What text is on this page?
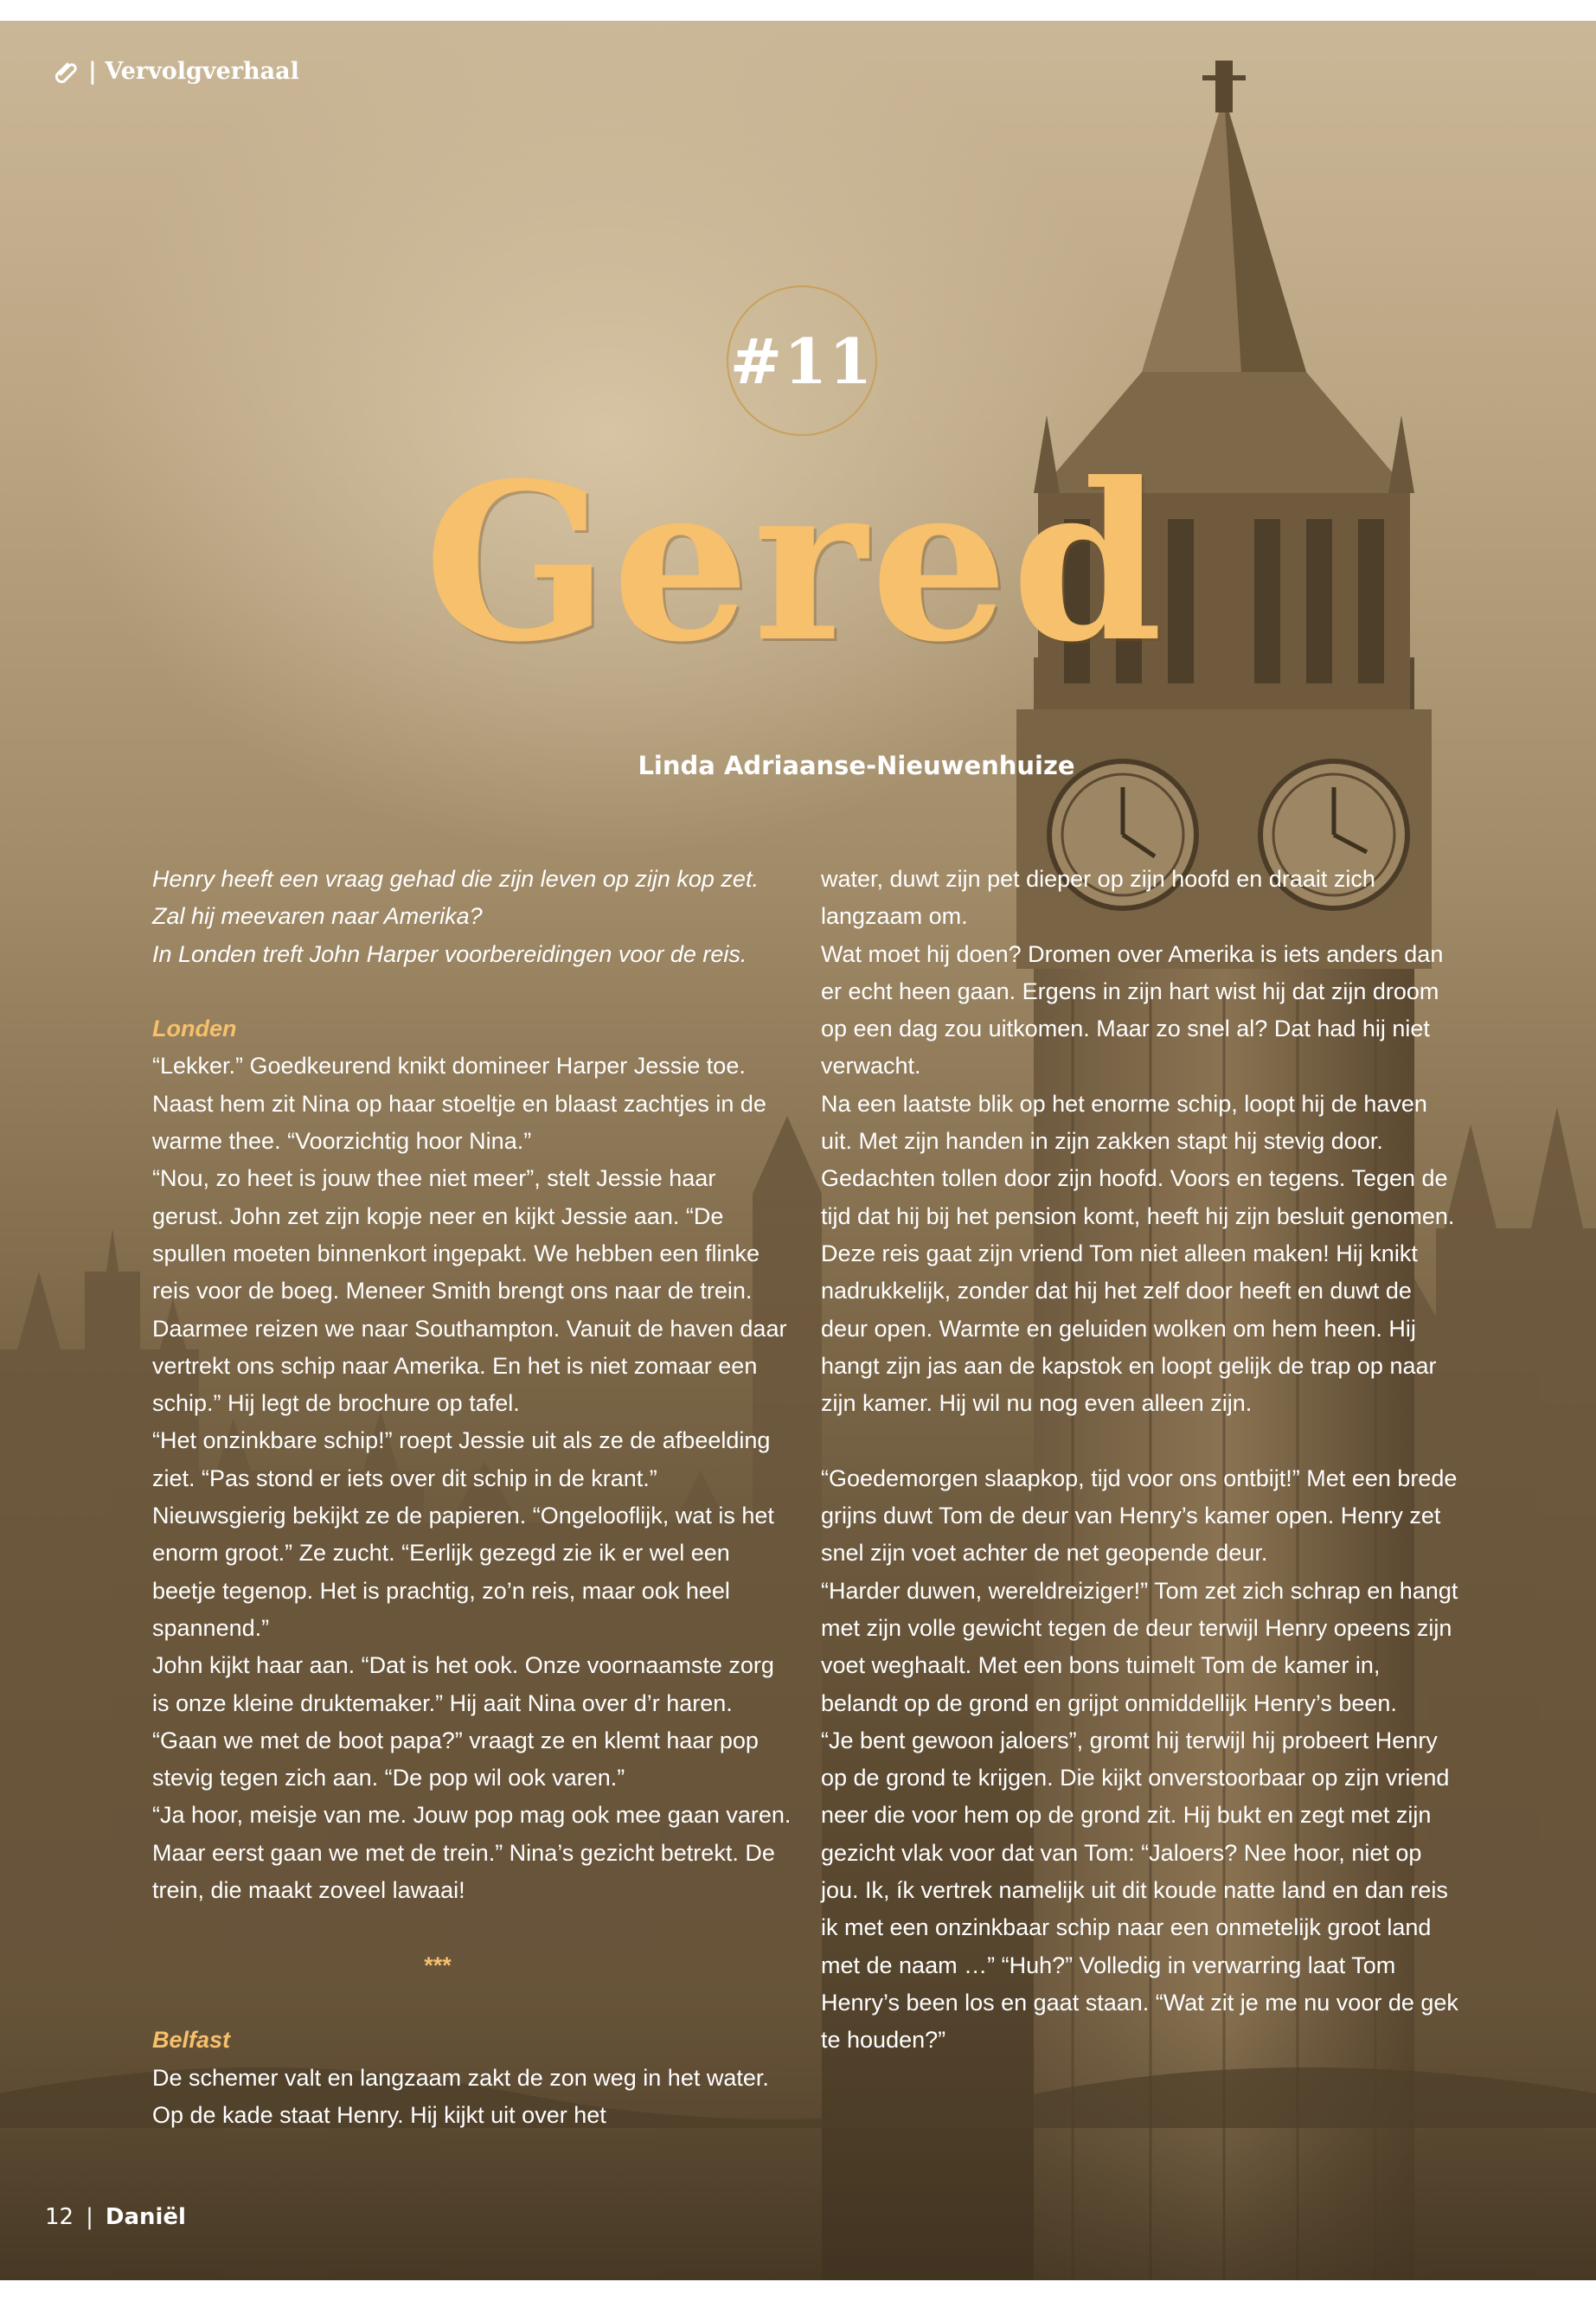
| Vervolgverhaal
#11
Gered
Linda Adriaanse-Nieuwenhuize

Henry heeft een vraag gehad die zijn leven op zijn kop zet.

Zal hij meevaren naar Amerika?

In Londen treft John Harper voorbereidingen voor de reis.

Londen

“Lekker.” Goedkeurend knikt domineer Harper Jessie toe. Naast hem zit Nina op haar stoeltje en blaast zachtjes in de warme thee. “Voorzichtig hoor Nina.”

“Nou, zo heet is jouw thee niet meer”, stelt Jessie haar gerust. John zet zijn kopje neer en kijkt Jessie aan. “De spullen moeten binnenkort ingepakt. We hebben een flinke reis voor de boeg. Meneer Smith brengt ons naar de trein. Daarmee reizen we naar Southampton. Vanuit de haven daar vertrekt ons schip naar Amerika. En het is niet zomaar een schip.” Hij legt de brochure op tafel.

“Het onzinkbare schip!” roept Jessie uit als ze de afbeelding ziet. “Pas stond er iets over dit schip in de krant.” Nieuwsgierig bekijkt ze de papieren. “Ongelooflijk, wat is het enorm groot.” Ze zucht. “Eerlijk gezegd zie ik er wel een beetje tegenop. Het is prachtig, zo’n reis, maar ook heel spannend.”

John kijkt haar aan. “Dat is het ook. Onze voornaamste zorg is onze kleine druktemaker.” Hij aait Nina over d’r haren.

“Gaan we met de boot papa?” vraagt ze en klemt haar pop stevig tegen zich aan. “De pop wil ook varen.”

“Ja hoor, meisje van me. Jouw pop mag ook mee gaan varen. Maar eerst gaan we met de trein.” Nina’s gezicht betrekt. De trein, die maakt zoveel lawaai!

***

Belfast

De schemer valt en langzaam zakt de zon weg in het water. Op de kade staat Henry. Hij kijkt uit over het

water, duwt zijn pet dieper op zijn hoofd en draait zich langzaam om.

Wat moet hij doen? Dromen over Amerika is iets anders dan er echt heen gaan. Ergens in zijn hart wist hij dat zijn droom op een dag zou uitkomen. Maar zo snel al? Dat had hij niet verwacht.

Na een laatste blik op het enorme schip, loopt hij de haven uit. Met zijn handen in zijn zakken stapt hij stevig door. Gedachten tollen door zijn hoofd. Voors en tegens. Tegen de tijd dat hij bij het pension komt, heeft hij zijn besluit genomen. Deze reis gaat zijn vriend Tom niet alleen maken! Hij knikt nadrukkelijk, zonder dat hij het zelf door heeft en duwt de deur open. Warmte en geluiden wolken om hem heen. Hij hangt zijn jas aan de kapstok en loopt gelijk de trap op naar zijn kamer. Hij wil nu nog even alleen zijn.

“Goedemorgen slaapkop, tijd voor ons ontbijt!” Met een brede grijns duwt Tom de deur van Henry’s kamer open. Henry zet snel zijn voet achter de net geopende deur.

“Harder duwen, wereldreiziger!” Tom zet zich schrap en hangt met zijn volle gewicht tegen de deur terwijl Henry opeens zijn voet weghaalt. Met een bons tuimelt Tom de kamer in, belandt op de grond en grijpt onmiddellijk Henry’s been.

“Je bent gewoon jaloers”, gromt hij terwijl hij probeert Henry op de grond te krijgen. Die kijkt onverstoorbaar op zijn vriend neer die voor hem op de grond zit. Hij bukt en zegt met zijn gezicht vlak voor dat van Tom: “Jaloers? Nee hoor, niet op jou. Ik, ík vertrek namelijk uit dit koude natte land en dan reis ik met een onzinkbaar schip naar een onmetelijk groot land met de naam …” “Huh?” Volledig in verwarring laat Tom Henry’s been los en gaat staan. “Wat zit je me nu voor de gek te houden?”

12 | Daniël
